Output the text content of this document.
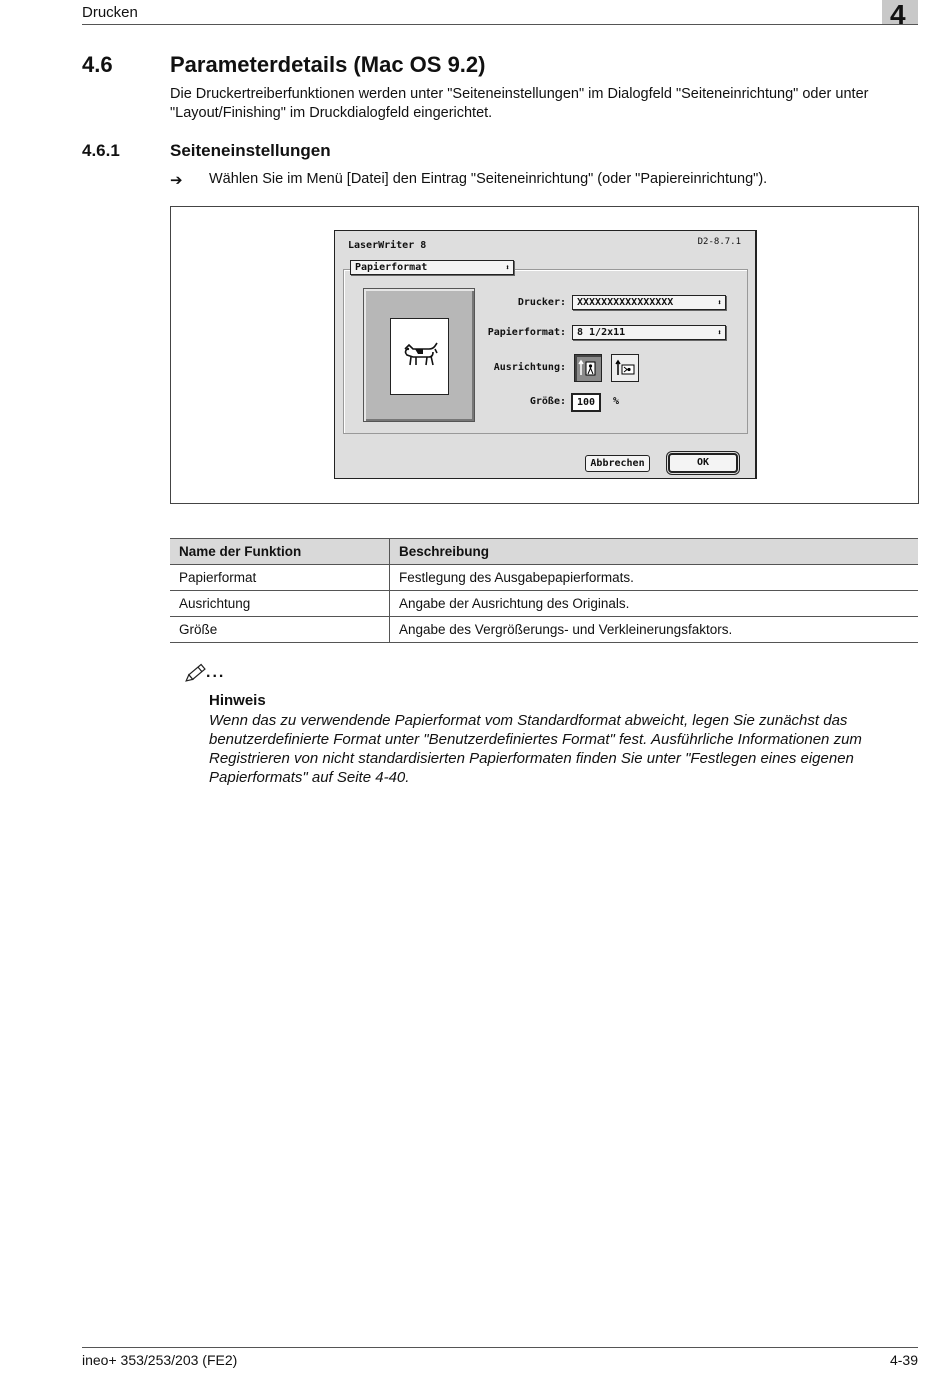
Drucken	4
4.6	Parameterdetails (Mac OS 9.2)
Die Druckertreiberfunktionen werden unter "Seiteneinstellungen" im Dialogfeld "Seiteneinrichtung" oder unter "Layout/Finishing" im Druckdialogfeld eingerichtet.
4.6.1	Seiteneinstellungen
➔ Wählen Sie im Menü [Datei] den Eintrag "Seiteneinrichtung" (oder "Papiereinrichtung").
LaserWriter 8	D2-8.7.1
Papierformat	⬍
Drucker:	XXXXXXXXXXXXXXXX	⬍
Papierformat:	8 1/2x11	⬍
Ausrichtung:
Größe:	100	%
Abbrechen	OK
Name der Funktion	Beschreibung
Papierformat	Festlegung des Ausgabepapierformats.
Ausrichtung	Angabe der Ausrichtung des Originals.
Größe	Angabe des Vergrößerungs- und Verkleinerungsfaktors.
...
Hinweis
Wenn das zu verwendende Papierformat vom Standardformat abweicht, legen Sie zunächst das benutzerdefinierte Format unter "Benutzerdefiniertes Format" fest. Ausführliche Informationen zum Registrieren von nicht standardisierten Papierformaten finden Sie unter "Festlegen eines eigenen Papierformats" auf Seite 4-40.
ineo+ 353/253/203 (FE2)	4-39
